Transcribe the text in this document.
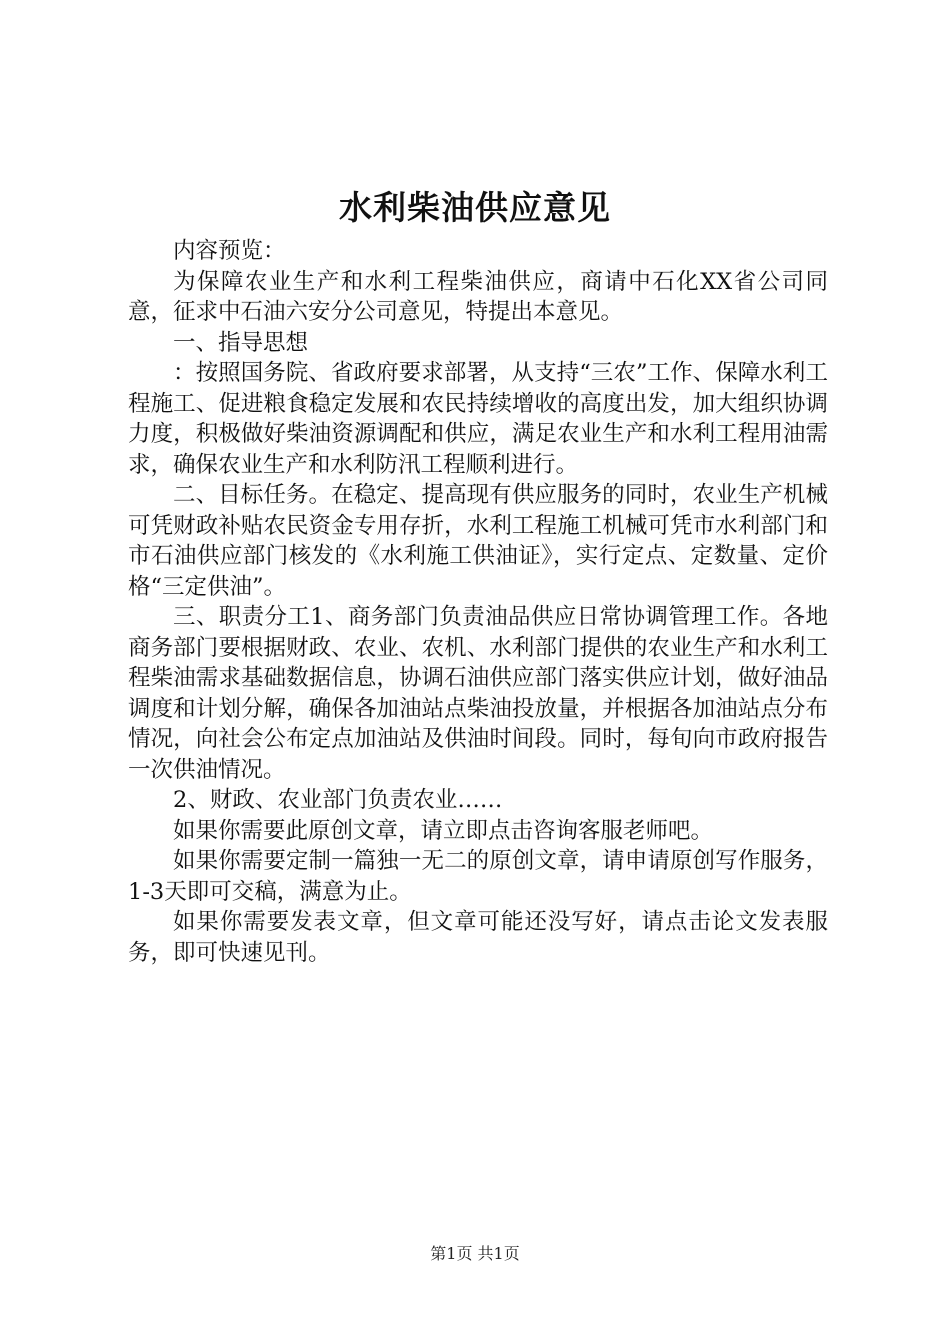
水利柴油供应意见

内容预览：

为保障农业生产和水利工程柴油供应，商请中石化XX省公司同意，征求中石油六安分公司意见，特提出本意见。

一、指导思想

：按照国务院、省政府要求部署，从支持“三农”工作、保障水利工程施工、促进粮食稳定发展和农民持续增收的高度出发，加大组织协调力度，积极做好柴油资源调配和供应，满足农业生产和水利工程用油需求，确保农业生产和水利防汛工程顺利进行。

二、目标任务。在稳定、提高现有供应服务的同时，农业生产机械可凭财政补贴农民资金专用存折，水利工程施工机械可凭市水利部门和市石油供应部门核发的《水利施工供油证》，实行定点、定数量、定价格“三定供油”。

三、职责分工1、商务部门负责油品供应日常协调管理工作。各地商务部门要根据财政、农业、农机、水利部门提供的农业生产和水利工程柴油需求基础数据信息，协调石油供应部门落实供应计划，做好油品调度和计划分解，确保各加油站点柴油投放量，并根据各加油站点分布情况，向社会公布定点加油站及供油时间段。同时，每旬向市政府报告一次供油情况。

2、财政、农业部门负责农业……

如果你需要此原创文章，请立即点击咨询客服老师吧。

如果你需要定制一篇独一无二的原创文章，请申请原创写作服务，1-3天即可交稿，满意为止。

如果你需要发表文章，但文章可能还没写好，请点击论文发表服务，即可快速见刊。

第1页 共1页
